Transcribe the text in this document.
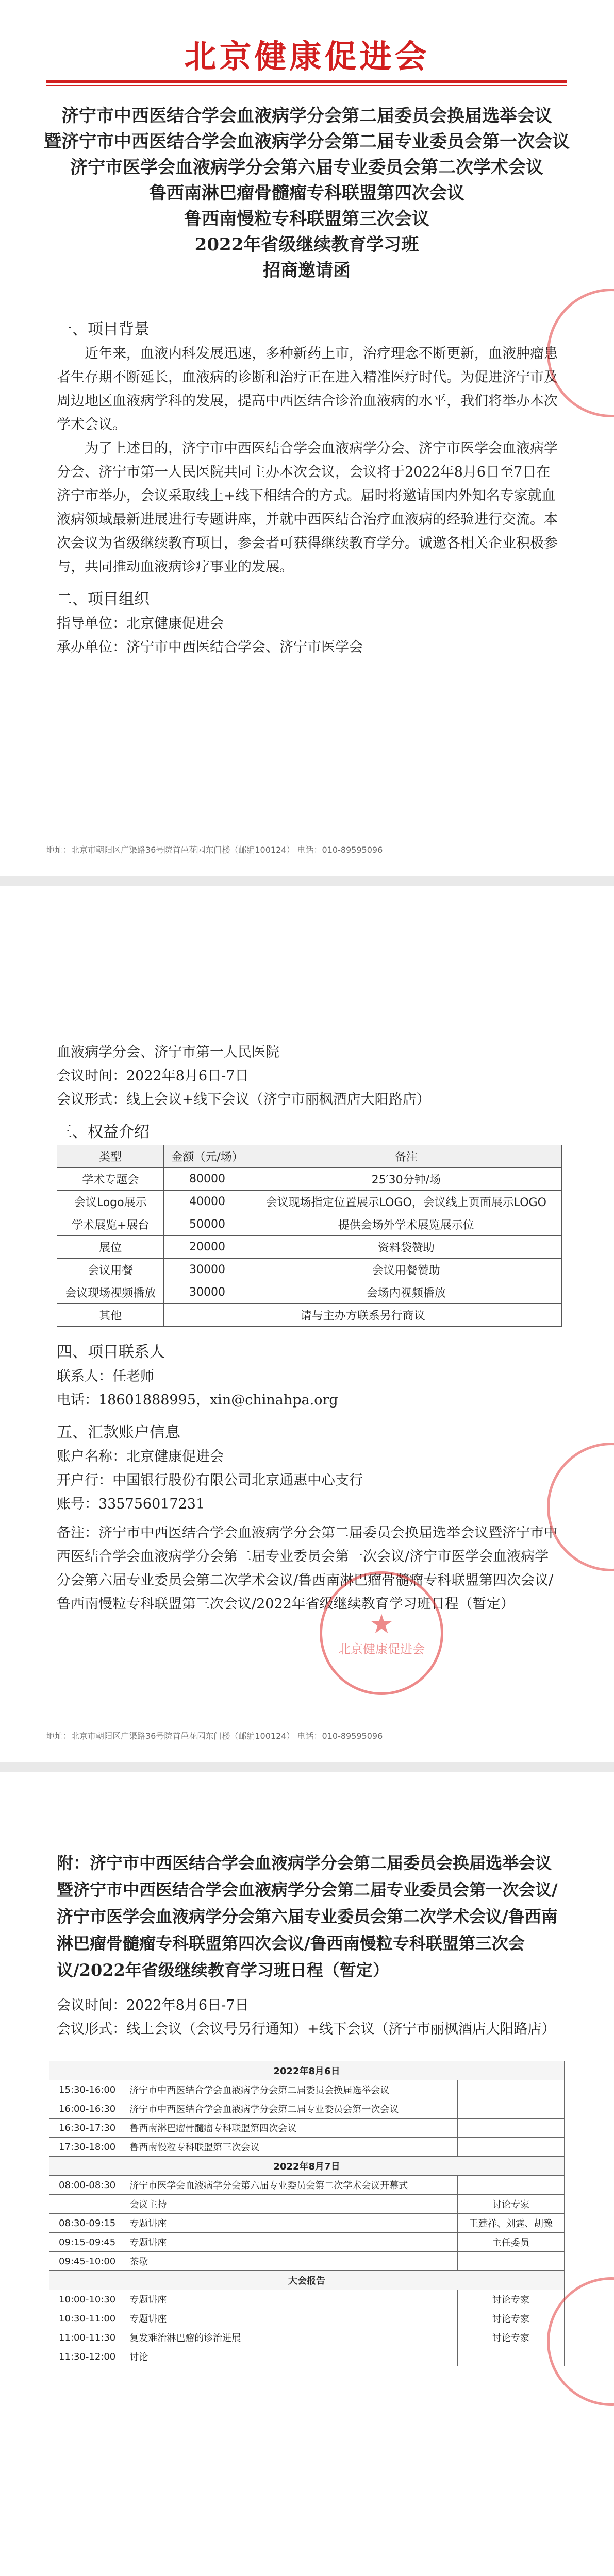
北京健康促进会
济宁市中西医结合学会血液病学分会第二届委员会换届选举会议
暨济宁市中西医结合学会血液病学分会第二届专业委员会第一次会议
济宁市医学会血液病学分会第六届专业委员会第二次学术会议
鲁西南淋巴瘤骨髓瘤专科联盟第四次会议
鲁西南慢粒专科联盟第三次会议
2022年省级继续教育学习班
招商邀请函
一、项目背景

近年来，血液内科发展迅速，多种新药上市，治疗理念不断更新，血液肿瘤患者生存期不断延长，血液病的诊断和治疗正在进入精准医疗时代。为促进济宁市及周边地区血液病学科的发展，提高中西医结合诊治血液病的水平，我们将举办本次学术会议。

为了上述目的，济宁市中西医结合学会血液病学分会、济宁市医学会血液病学分会、济宁市第一人民医院共同主办本次会议，会议将于2022年8月6日至7日在济宁市举办，会议采取线上+线下相结合的方式。届时将邀请国内外知名专家就血液病领域最新进展进行专题讲座，并就中西医结合治疗血液病的经验进行交流。本次会议为省级继续教育项目，参会者可获得继续教育学分。诚邀各相关企业积极参与，共同推动血液病诊疗事业的发展。

二、项目组织

指导单位：北京健康促进会

承办单位：济宁市中西医结合学会、济宁市医学会

地址：北京市朝阳区广渠路36号院首邑花园东门楼（邮编100124） 电话：010-89595096

血液病学分会、济宁市第一人民医院

会议时间：2022年8月6日-7日

会议形式：线上会议+线下会议（济宁市丽枫酒店大阳路店）

三、权益介绍
类型	金额（元/场）	备注
学术专题会	80000	25′30分钟/场
会议Logo展示	40000	会议现场指定位置展示LOGO，会议线上页面展示LOGO
学术展览+展台	50000	提供会场外学术展览展示位
展位	20000	资料袋赞助
会议用餐	30000	会议用餐赞助
会议现场视频播放	30000	会场内视频播放
其他	请与主办方联系另行商议	
四、项目联系人

联系人：任老师

电话：18601888995，xin@chinahpa.org

五、汇款账户信息

账户名称：北京健康促进会

开户行：中国银行股份有限公司北京通惠中心支行

账号：335756017231

备注：济宁市中西医结合学会血液病学分会第二届委员会换届选举会议暨济宁市中西医结合学会血液病学分会第二届专业委员会第一次会议/济宁市医学会血液病学分会第六届专业委员会第二次学术会议/鲁西南淋巴瘤骨髓瘤专科联盟第四次会议/鲁西南慢粒专科联盟第三次会议/2022年省级继续教育学习班日程（暂定）

★
北京健康促进会
地址：北京市朝阳区广渠路36号院首邑花园东门楼（邮编100124） 电话：010-89595096
附：济宁市中西医结合学会血液病学分会第二届委员会换届选举会议暨济宁市中西医结合学会血液病学分会第二届专业委员会第一次会议/济宁市医学会血液病学分会第六届专业委员会第二次学术会议/鲁西南淋巴瘤骨髓瘤专科联盟第四次会议/鲁西南慢粒专科联盟第三次会议/2022年省级继续教育学习班日程（暂定）

会议时间：2022年8月6日-7日

会议形式：线上会议（会议号另行通知）+线下会议（济宁市丽枫酒店大阳路店）

2022年8月6日		
15:30-16:00	济宁市中西医结合学会血液病学分会第二届委员会换届选举会议	
16:00-16:30	济宁市中西医结合学会血液病学分会第二届专业委员会第一次会议	
16:30-17:30	鲁西南淋巴瘤骨髓瘤专科联盟第四次会议	
17:30-18:00	鲁西南慢粒专科联盟第三次会议	
2022年8月7日		
08:00-08:30	济宁市医学会血液病学分会第六届专业委员会第二次学术会议开幕式	
	会议主持	讨论专家
08:30-09:15	专题讲座	王建祥、刘霆、胡豫
09:15-09:45	专题讲座	主任委员
09:45-10:00	茶歇	
大会报告		
10:00-10:30	专题讲座	讨论专家
10:30-11:00	专题讲座	讨论专家
11:00-11:30	复发难治淋巴瘤的诊治进展	讨论专家
11:30-12:00	讨论	
